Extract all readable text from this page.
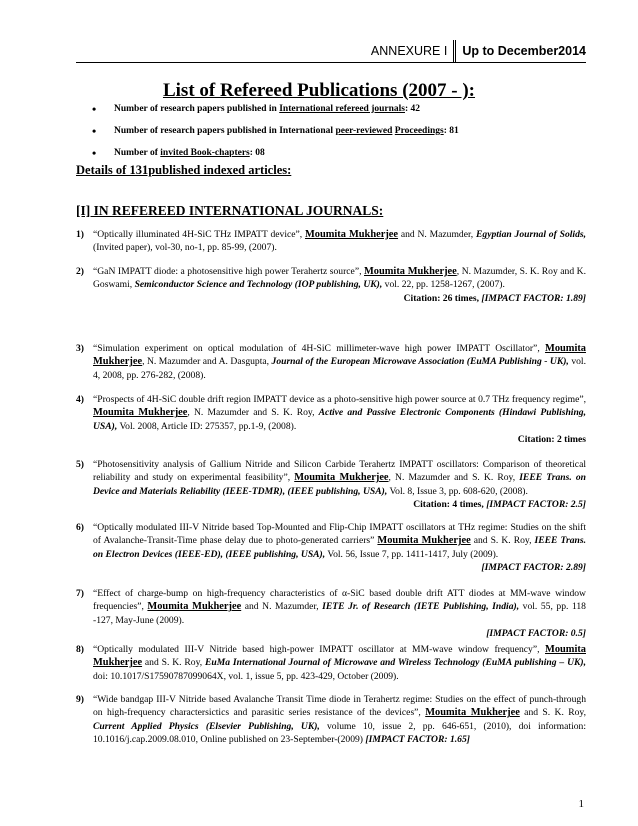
ANNEXURE I	Up to December2014
List of Refereed Publications (2007 - ):
• Number of research papers published in International refereed journals: 42
• Number of research papers published in International peer-reviewed Proceedings: 81
• Number of invited Book-chapters: 08
Details of 131published indexed articles:
[I] IN REFEREED INTERNATIONAL JOURNALS:
1) “Optically illuminated 4H-SiC THz IMPATT device”, Moumita Mukherjee and N. Mazumder, Egyptian Journal of Solids, (Invited paper), vol-30, no-1, pp. 85-99, (2007).
2) “GaN IMPATT diode: a photosensitive high power Terahertz source”, Moumita Mukherjee, N. Mazumder, S. K. Roy and K. Goswami, Semiconductor Science and Technology (IOP publishing, UK), vol. 22, pp. 1258-1267, (2007).
Citation: 26 times, [IMPACT FACTOR: 1.89]
3) “Simulation experiment on optical modulation of 4H-SiC millimeter-wave high power IMPATT Oscillator”, Moumita Mukherjee, N. Mazumder and A. Dasgupta, Journal of the European Microwave Association (EuMA Publishing - UK), vol. 4, 2008, pp. 276-282, (2008).
4) “Prospects of 4H-SiC double drift region IMPATT device as a photo-sensitive high power source at 0.7 THz frequency regime”, Moumita Mukherjee, N. Mazumder and S. K. Roy, Active and Passive Electronic Components (Hindawi Publishing, USA), Vol. 2008, Article ID: 275357, pp.1-9, (2008).
Citation: 2 times
5) “Photosensitivity analysis of Gallium Nitride and Silicon Carbide Terahertz IMPATT oscillators: Comparison of theoretical reliability and study on experimental feasibility”, Moumita Mukherjee, N. Mazumder and S. K. Roy, IEEE Trans. on Device and Materials Reliability (IEEE-TDMR), (IEEE publishing, USA), Vol. 8, Issue 3, pp. 608-620, (2008).
Citation: 4 times, [IMPACT FACTOR: 2.5]
6) “Optically modulated III-V Nitride based Top-Mounted and Flip-Chip IMPATT oscillators at THz regime: Studies on the shift of Avalanche-Transit-Time phase delay due to photo-generated carriers” Moumita Mukherjee and S. K. Roy, IEEE Trans. on Electron Devices (IEEE-ED), (IEEE publishing, USA), Vol. 56, Issue 7, pp. 1411-1417, July (2009).
[IMPACT FACTOR: 2.89]
7) “Effect of charge-bump on high-frequency characteristics of α-SiC based double drift ATT diodes at MM-wave window frequencies”, Moumita Mukherjee and N. Mazumder, IETE Jr. of Research (IETE Publishing, India), vol. 55, pp. 118 -127, May-June (2009).
[IMPACT FACTOR: 0.5]
8) “Optically modulated III-V Nitride based high-power IMPATT oscillator at MM-wave window frequency”, Moumita Mukherjee and S. K. Roy, EuMa International Journal of Microwave and Wireless Technology (EuMA publishing – UK), doi: 10.1017/S17590787099064X, vol. 1, issue 5, pp. 423-429, October (2009).
9) “Wide bandgap III-V Nitride based Avalanche Transit Time diode in Terahertz regime: Studies on the effect of punch-through on high-frequency charactersictics and parasitic series resistance of the devices”, Moumita Mukherjee and S. K. Roy, Current Applied Physics (Elsevier Publishing, UK), volume 10, issue 2, pp. 646-651, (2010), doi information: 10.1016/j.cap.2009.08.010, Online published on 23-September-(2009) [IMPACT FACTOR: 1.65]
1
